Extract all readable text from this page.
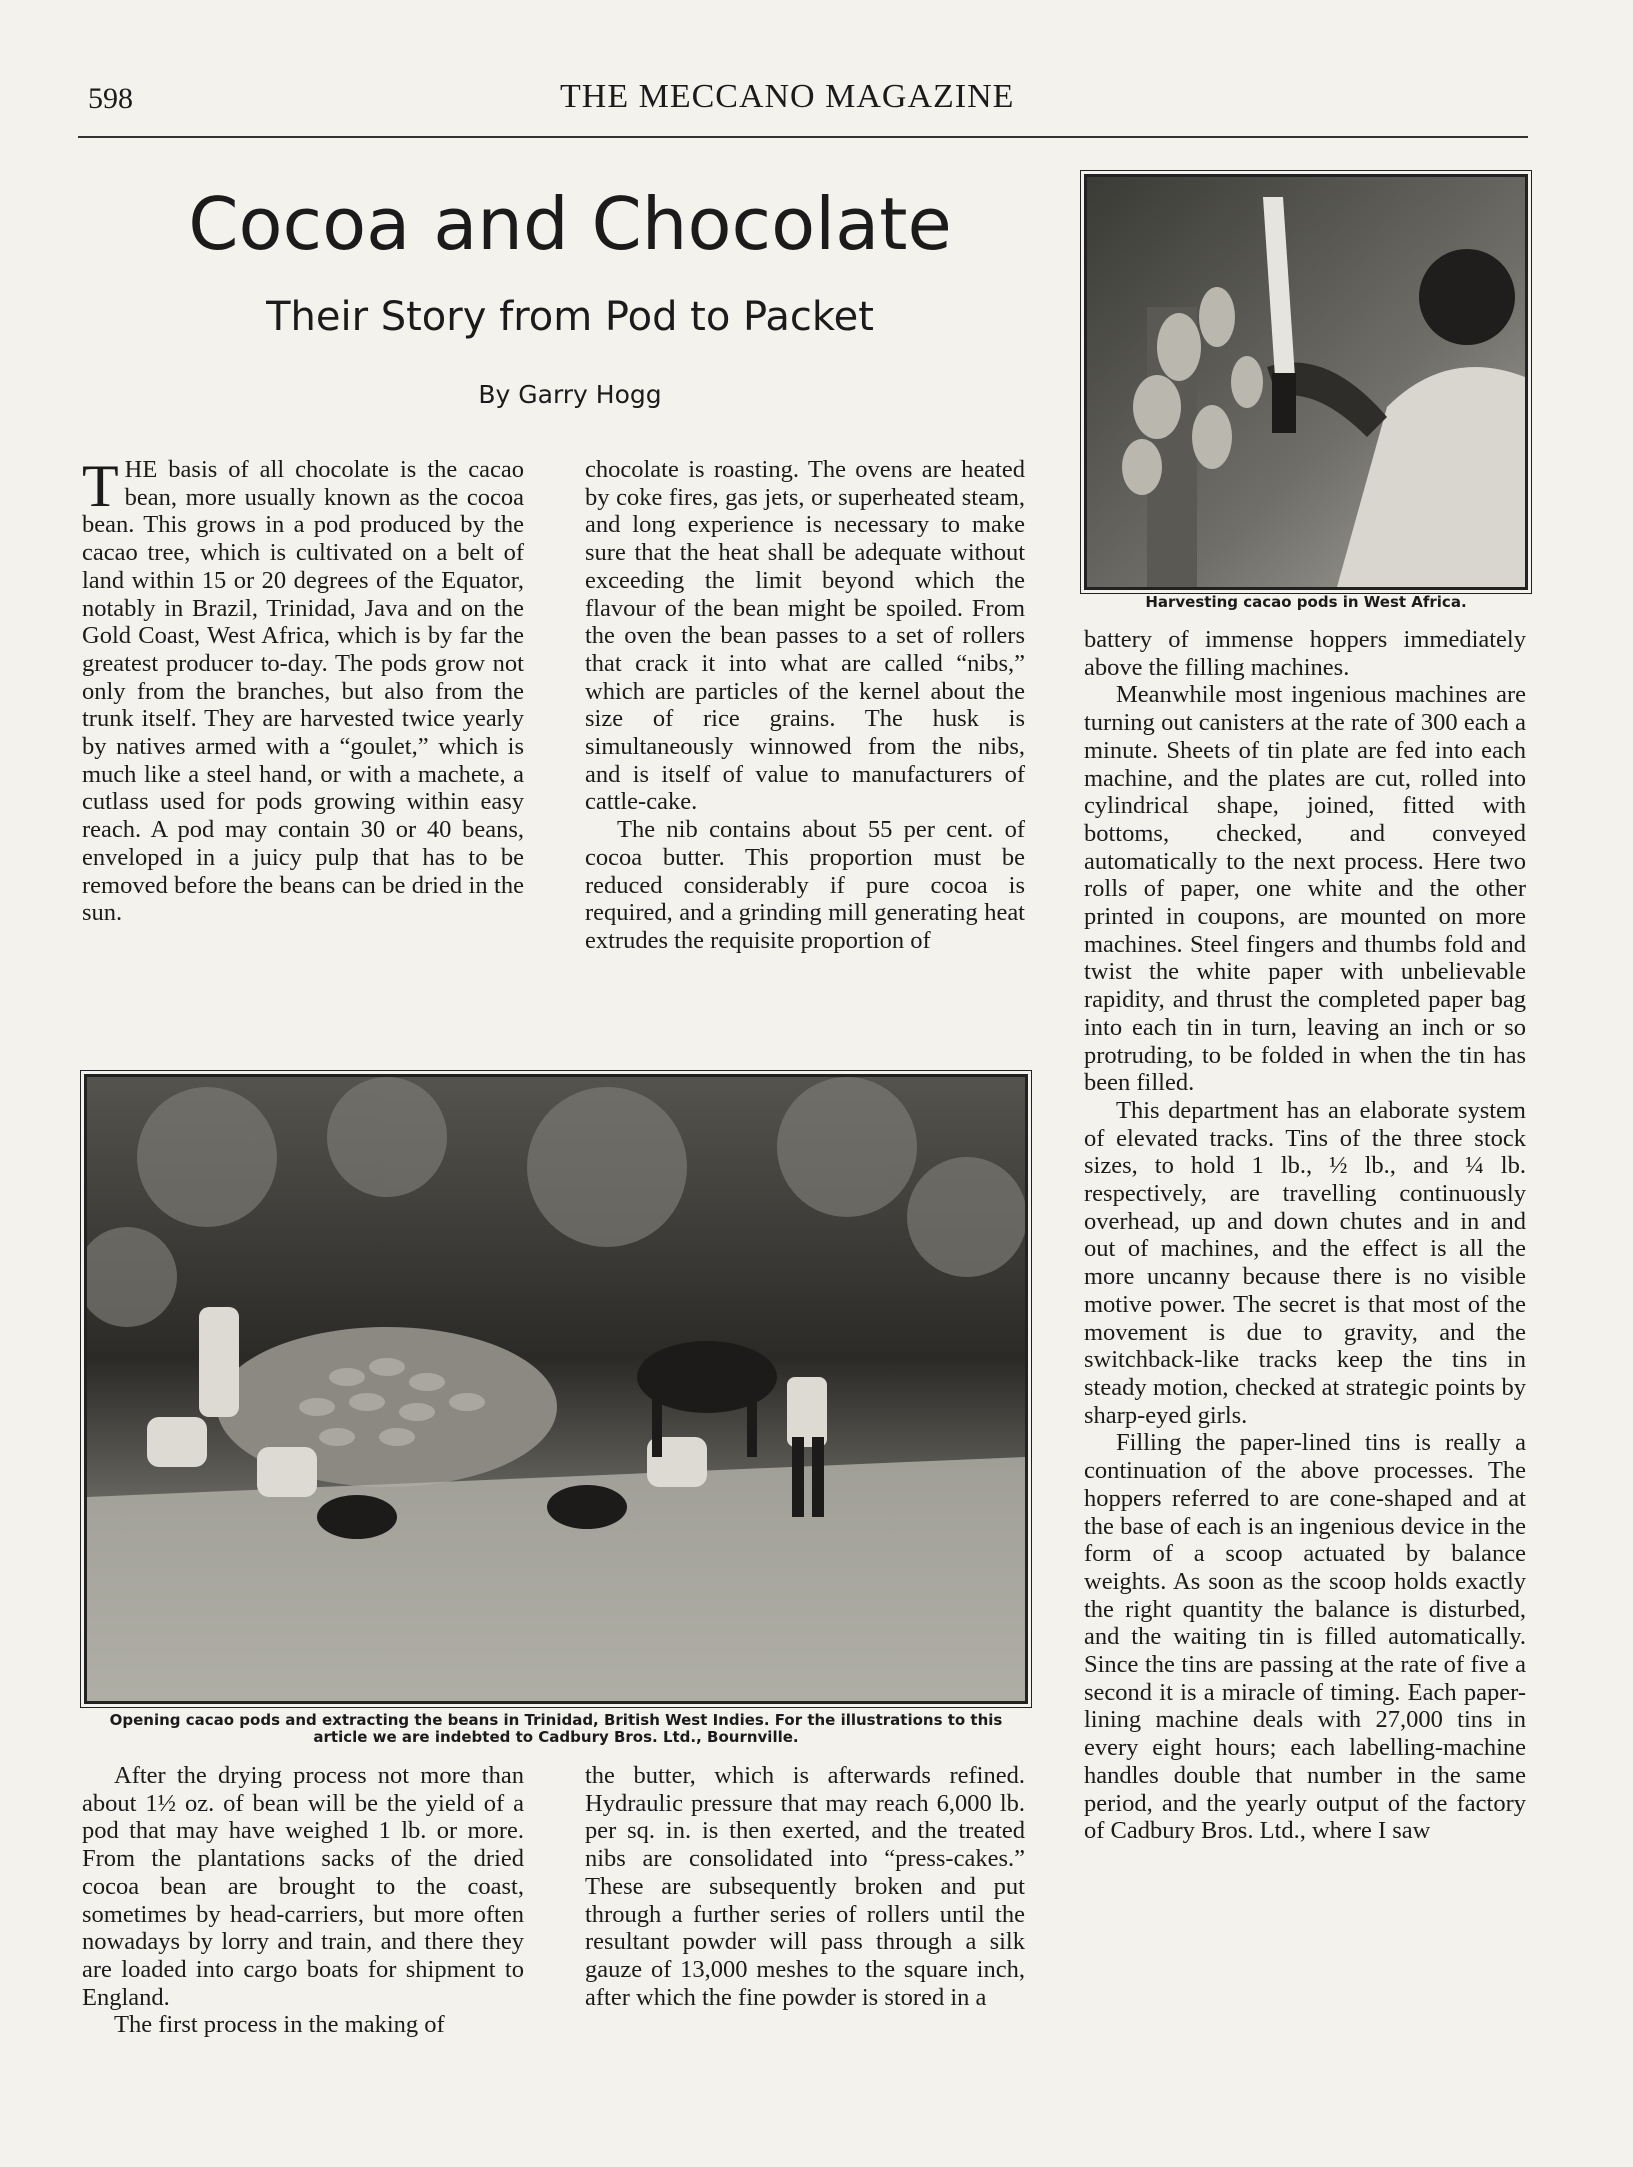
598	THE MECCANO MAGAZINE
Cocoa and Chocolate
Their Story from Pod to Packet
By Garry Hogg

THE basis of all chocolate is the cacao bean, more usually known as the cocoa bean. This grows in a pod produced by the cacao tree, which is cultivated on a belt of land within 15 or 20 degrees of the Equator, notably in Brazil, Trinidad, Java and on the Gold Coast, West Africa, which is by far the greatest producer to-day. The pods grow not only from the branches, but also from the trunk itself. They are harvested twice yearly by natives armed with a “goulet,” which is much like a steel hand, or with a machete, a cutlass used for pods growing within easy reach. A pod may contain 30 or 40 beans, enveloped in a juicy pulp that has to be removed before the beans can be dried in the sun.

chocolate is roasting. The ovens are heated by coke fires, gas jets, or superheated steam, and long experience is necessary to make sure that the heat shall be adequate without exceeding the limit beyond which the flavour of the bean might be spoiled. From the oven the bean passes to a set of rollers that crack it into what are called “nibs,” which are particles of the kernel about the size of rice grains. The husk is simultaneously winnowed from the nibs, and is itself of value to manufacturers of cattle-cake.

The nib contains about 55 per cent. of cocoa butter. This proportion must be reduced considerably if pure cocoa is required, and a grinding mill generating heat extrudes the requisite proportion of

Harvesting cacao pods in West Africa.

battery of immense hoppers immediately above the filling machines.

Meanwhile most ingenious machines are turning out canisters at the rate of 300 each a minute. Sheets of tin plate are fed into each machine, and the plates are cut, rolled into cylindrical shape, joined, fitted with bottoms, checked, and conveyed automatically to the next process. Here two rolls of paper, one white and the other printed in coupons, are mounted on more machines. Steel fingers and thumbs fold and twist the white paper with unbelievable rapidity, and thrust the completed paper bag into each tin in turn, leaving an inch or so protruding, to be folded in when the tin has been filled.

This department has an elaborate system of elevated tracks. Tins of the three stock sizes, to hold 1 lb., ½ lb., and ¼ lb. respectively, are travelling continuously overhead, up and down chutes and in and out of machines, and the effect is all the more uncanny because there is no visible motive power. The secret is that most of the movement is due to gravity, and the switchback-like tracks keep the tins in steady motion, checked at strategic points by sharp-eyed girls.

Filling the paper-lined tins is really a continuation of the above processes. The hoppers referred to are cone-shaped and at the base of each is an ingenious device in the form of a scoop actuated by balance weights. As soon as the scoop holds exactly the right quantity the balance is disturbed, and the waiting tin is filled automatically. Since the tins are passing at the rate of five a second it is a miracle of timing. Each paper-lining machine deals with 27,000 tins in every eight hours; each labelling-machine handles double that number in the same period, and the yearly output of the factory of Cadbury Bros. Ltd., where I saw

Opening cacao pods and extracting the beans in Trinidad, British West Indies. For the illustrations to this article we are indebted to Cadbury Bros. Ltd., Bournville.

After the drying process not more than about 1½ oz. of bean will be the yield of a pod that may have weighed 1 lb. or more. From the plantations sacks of the dried cocoa bean are brought to the coast, sometimes by head-carriers, but more often nowadays by lorry and train, and there they are loaded into cargo boats for shipment to England.

The first process in the making of

the butter, which is afterwards refined. Hydraulic pressure that may reach 6,000 lb. per sq. in. is then exerted, and the treated nibs are consolidated into “press-cakes.” These are subsequently broken and put through a further series of rollers until the resultant powder will pass through a silk gauze of 13,000 meshes to the square inch, after which the fine powder is stored in a
